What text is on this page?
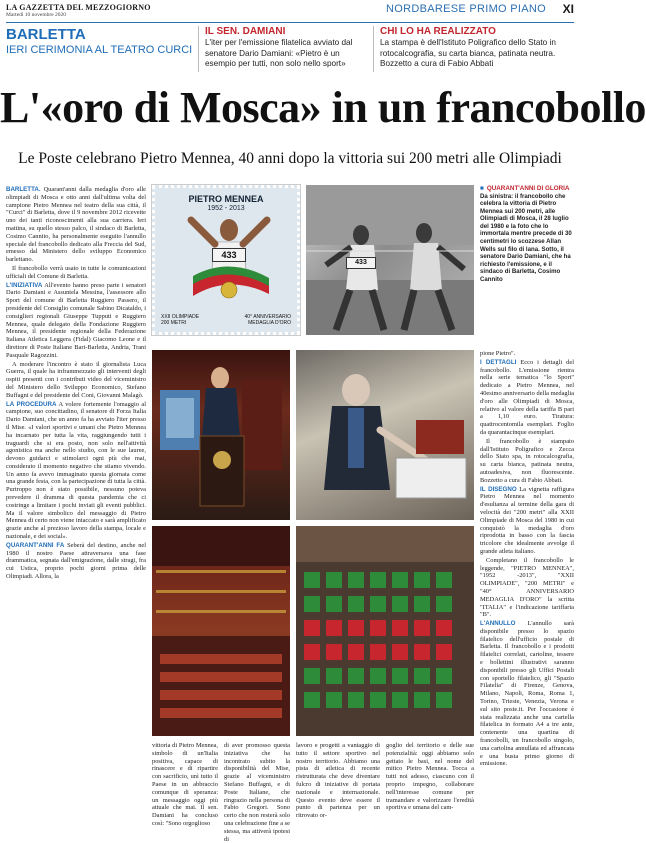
LA GAZZETTA DEL MEZZOGIORNO
Martedì 10 novembre 2020	NORDBARESE PRIMO PIANO XI
BARLETTA
IERI CERIMONIA AL TEATRO CURCI
IL SEN. DAMIANI
L'iter per l'emissione filatelica avviato dal senatore Dario Damiani: «Pietro è un esempio per tutti, non solo nello sport»
CHI LO HA REALIZZATO
La stampa è dell'Istituto Poligrafico dello Stato in rotocalcografia, su carta bianca, patinata neutra. Bozzetto a cura di Fabio Abbati
L'«oro di Mosca» in un francobollo
Le Poste celebrano Pietro Mennea, 40 anni dopo la vittoria sui 200 metri alle Olimpiadi

BARLETTA. Quarant'anni dalla medaglia d'oro alle olimpiadi di Mosca e otto anni dall'ultima volta del campione Pietro Mennea nel teatro della sua città, il "Curci" di Barletta, dove il 9 novembre 2012 ricevette uno dei tanti riconoscimenti alla sua carriera. Ieri mattina, su quello stesso palco, il sindaco di Barletta, Cosimo Cannito, ha personalmente eseguito l'annullo speciale del francobollo dedicato alla Freccia del Sud, emesso dal Ministero dello sviluppo Economico barlettano.

Il francobollo verrà usato in tutte le comunicazioni ufficiali del Comune di Barletta.

L'INIZIATIVA All'evento hanno preso parte i senatori Dario Damiani e Assuntela Messina, l'assessore allo Sport del comune di Barletta Ruggiero Passero, il presidente del Consiglio comunale Sabino Dicataldo, i consiglieri regionali Giuseppe Tupputi e Ruggiero Mennea, quale delegato della Fondazione Ruggiero Mennea, il presidente regionale della Federazione Italiana Atletica Leggera (Fidal) Giacomo Leone e il direttore di Poste Italiane Bari-Barletta, Andria, Trani Pasquale Ragozzini.

A moderare l'incontro è stato il giornalista Luca Guerra, il quale ha inframmezzato gli interventi degli ospiti presenti con i contributi video del viceministro del Ministero dello Sviluppo Economico, Stefano Buffagni e del presidente del Coni, Giovanni Malagò.

LA PROCEDURA A volere fortemente l'omaggio al campione, suo concittadino, il senatore di Forza Italia Dario Damiani, che un anno fa ha avviato l'iter presso il Mise. «I valori sportivi e umani che Pietro Mennea ha incarnato per tutta la vita, raggiungendo tutti i traguardi che si era posto, non solo nell'attività agonistica ma anche nello studio, con le sue lauree, devono guidarci e stimolarci ogni più che mai, considerato il momento negativo che stiamo vivendo. Un anno fa avevo immaginato questa giornata come una grande festa, con la partecipazione di tutta la città. Purtroppo non è stato possibile, nessuno poteva prevedere il dramma di questa pandemia che ci costringe a limitare i pochi inviati gli eventi pubblici. Ma il valore simbolico del messaggio di Pietro Mennea di certo non viene intaccato e sarà amplificato grazie anche al prezioso lavoro della stampa, locale e nazionale, e dei social».

QUARANT'ANNI FA Seberà del destino, anche nel 1980 il nostro Paese attraversava una fase drammatica, segnata dall'emigrazione, dalle stragi, fra cui Ustica, proprio pochi giorni prima delle Olimpiadi. Allora, la

PIETRO MENNEA
1952 - 2013
433
XXII OLIMPIADE 200 METRI
40° ANNIVERSARIO MEDAGLIA D'ORO
433
■ QUARANT'ANNI DI GLORIA
Da sinistra: il francobollo che celebra la vittoria di Pietro Mennea sui 200 metri, alle Olimpiadi di Mosca, il 28 luglio del 1980 e la foto che lo immortala mentre precede di 30 centimetri lo scozzese Allan Wells sul filo di lana. Sotto, il senatore Dario Damiani, che ha richiesto l'emissione, e il sindaco di Barletta, Cosimo Cannito
vittoria di Pietro Mennea, simbolo di un'Italia positiva, capace di rinascere e di ripartire con sacrificio, unì tutto il Paese in un abbraccio comunque di speranza: un messaggio oggi più attuale che mai. Il sen. Damiani ha concluso così: "Sono orgoglioso
di aver promosso questa iniziativa che ha incontrato subito la disponibilità del Mise, grazie al viceministro Stefano Buffagni, e di Poste Italiane, che ringrazio nella persona di Fabio Gregori. Sono certo che non resterà solo una celebrazione fine a se stessa, ma attiverà ipotesi di
lavoro e progetti a vantaggio di tutto il settore sportivo nel nostro territorio. Abbiamo una pista di atletica di recente ristrutturata che deve diventare fulcro di iniziative di portata nazionale e internazionale. Questo evento deve essere il punto di partenza per un ritrovato or-
goglio del territorio e delle sue potenzialità: oggi abbiamo solo gettato le basi, nel nome del mitico Pietro Mennea. Tocca a tutti noi adesso, ciascuno con il proprio impegno, collaborare nell'interesse comune per tramandare e valorizzare l'eredità sportiva e umana del cam-

pione Pietro".

I DETTAGLI Ecco i dettagli del francobollo. L'emissione rientra nella serie tematica "lo Sport" dedicato a Pietro Mennea, nel 40esimo anniversario della medaglia d'oro alle Olimpiadi di Mosca, relativo al valore della tariffa B pari a 1,10 euro. Tiratura: quattrocentomila esemplari. Foglio da quarantacinque esemplari.

Il francobollo è stampato dall'Istituto Poligrafico e Zecca dello Stato spa, in rotocalcografia, su carta bianca, patinata neutra, autoadesiva, non fluorescente. Bozzetto a cura di Fabio Abbati.

IL DISEGNO La vignetta raffigura Pietro Mennea nel momento d'esultanza al termine della gara di velocità dei "200 metri" alla XXII Olimpiade di Mosca del 1980 in cui conquistò la medaglia d'oro riprodotta in basso con la fascia tricolore che idealmente avvolge il grande atleta italiano.

Completano il francobollo le leggende, "PIETRO MENNEA", "1952 -2013", "XXII OLIMPIADE", "200 METRI" e "40° ANNIVERSARIO MEDAGLIA D'ORO" la scritta "ITALIA" e l'indicazione tariffaria "B".

L'ANNULLO L'annullo sarà disponibile presso lo spazio filatelico dell'ufficio postale di Barletta. Il francobollo e i prodotti filatelici correlati, cartoline, tessere e bollettini illustrativi saranno disponibili presso gli Uffici Postali con sportello filatelico, gli "Spazio Filatelia" di Firenze, Genova, Milano, Napoli, Roma, Roma 1, Torino, Trieste, Venezia, Verona e sul sito poste.it. Per l'occasione è stata realizzata anche una cartella filatelica in formato A4 a tre ante, contenente una quartina di francobolli, un francobollo singolo, una cartolina annullata ed affrancata e una busta primo giorno di emissione.
